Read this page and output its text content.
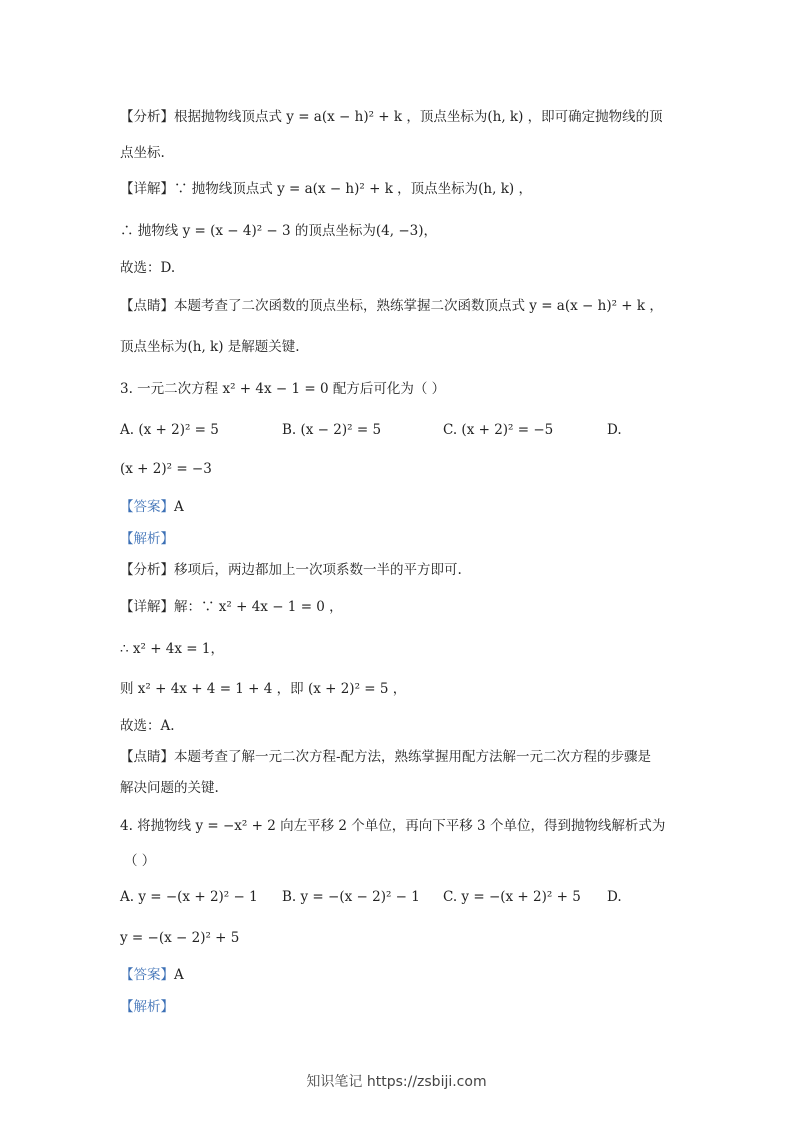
【分析】根据抛物线顶点式 y = a(x − h)² + k ，顶点坐标为(h, k) ，即可确定抛物线的顶
点坐标.
【详解】∵ 抛物线顶点式 y = a(x − h)² + k ，顶点坐标为(h, k) ，
∴ 抛物线 y = (x − 4)² − 3 的顶点坐标为(4, −3)，
故选：D.
【点睛】本题考查了二次函数的顶点坐标，熟练掌握二次函数顶点式 y = a(x − h)² + k ，
顶点坐标为(h, k) 是解题关键.
3. 一元二次方程 x² + 4x − 1 = 0 配方后可化为（ ）
A. (x + 2)² = 5	B. (x − 2)² = 5	C. (x + 2)² = −5	D.
(x + 2)² = −3
【答案】A
【解析】
【分析】移项后，两边都加上一次项系数一半的平方即可.
【详解】解：∵ x² + 4x − 1 = 0 ，
∴ x² + 4x = 1，
则 x² + 4x + 4 = 1 + 4 ，即 (x + 2)² = 5 ，
故选：A.
【点睛】本题考查了解一元二次方程-配方法，熟练掌握用配方法解一元二次方程的步骤是
解决问题的关键.
4. 将抛物线 y = −x² + 2 向左平移 2 个单位，再向下平移 3 个单位，得到抛物线解析式为
（ ）
A. y = −(x + 2)² − 1 B. y = −(x − 2)² − 1 C. y = −(x + 2)² + 5 D.
y = −(x − 2)² + 5
【答案】A
【解析】
知识笔记 https://zsbiji.com
